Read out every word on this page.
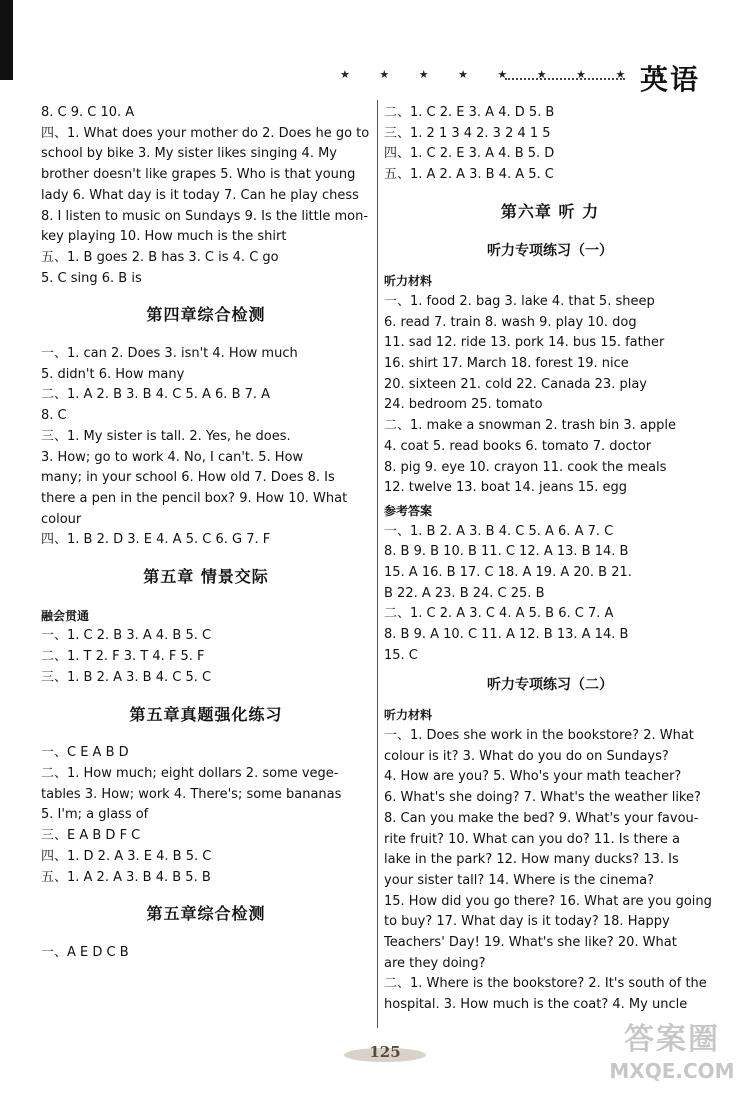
★ ★ ★ ★ ★ ★ ★ ★ ★
英语
8. C 9. C 10. A
四、1. What does your mother do 2. Does he go to
school by bike 3. My sister likes singing 4. My
brother doesn't like grapes 5. Who is that young
lady 6. What day is it today 7. Can he play chess
8. I listen to music on Sundays 9. Is the little mon-
key playing 10. How much is the shirt
五、1. B goes 2. B has 3. C is 4. C go
5. C sing 6. B is
第四章综合检测
一、1. can 2. Does 3. isn't 4. How much
5. didn't 6. How many
二、1. A 2. B 3. B 4. C 5. A 6. B 7. A
8. C
三、1. My sister is tall. 2. Yes, he does.
3. How; go to work 4. No, I can't. 5. How
many; in your school 6. How old 7. Does 8. Is
there a pen in the pencil box? 9. How 10. What
colour
四、1. B 2. D 3. E 4. A 5. C 6. G 7. F
第五章 情景交际
融会贯通
一、1. C 2. B 3. A 4. B 5. C
二、1. T 2. F 3. T 4. F 5. F
三、1. B 2. A 3. B 4. C 5. C
第五章真题强化练习
一、C E A B D
二、1. How much; eight dollars 2. some vege-
tables 3. How; work 4. There's; some bananas
5. I'm; a glass of
三、E A B D F C
四、1. D 2. A 3. E 4. B 5. C
五、1. A 2. A 3. B 4. B 5. B
第五章综合检测
一、A E D C B
二、1. C 2. E 3. A 4. D 5. B
三、1. 2 1 3 4 2. 3 2 4 1 5
四、1. C 2. E 3. A 4. B 5. D
五、1. A 2. A 3. B 4. A 5. C
第六章 听 力
听力专项练习（一）
听力材料
一、1. food 2. bag 3. lake 4. that 5. sheep
6. read 7. train 8. wash 9. play 10. dog
11. sad 12. ride 13. pork 14. bus 15. father
16. shirt 17. March 18. forest 19. nice
20. sixteen 21. cold 22. Canada 23. play
24. bedroom 25. tomato
二、1. make a snowman 2. trash bin 3. apple
4. coat 5. read books 6. tomato 7. doctor
8. pig 9. eye 10. crayon 11. cook the meals
12. twelve 13. boat 14. jeans 15. egg
参考答案
一、1. B 2. A 3. B 4. C 5. A 6. A 7. C
8. B 9. B 10. B 11. C 12. A 13. B 14. B
15. A 16. B 17. C 18. A 19. A 20. B 21.
B 22. A 23. B 24. C 25. B
二、1. C 2. A 3. C 4. A 5. B 6. C 7. A
8. B 9. A 10. C 11. A 12. B 13. A 14. B
15. C
听力专项练习（二）
听力材料
一、1. Does she work in the bookstore? 2. What
colour is it? 3. What do you do on Sundays?
4. How are you? 5. Who's your math teacher?
6. What's she doing? 7. What's the weather like?
8. Can you make the bed? 9. What's your favou-
rite fruit? 10. What can you do? 11. Is there a
lake in the park? 12. How many ducks? 13. Is
your sister tall? 14. Where is the cinema?
15. How did you go there? 16. What are you going
to buy? 17. What day is it today? 18. Happy
Teachers' Day! 19. What's she like? 20. What
are they doing?
二、1. Where is the bookstore? 2. It's south of the
hospital. 3. How much is the coat? 4. My uncle
125	答案圈
MXQE.COM
